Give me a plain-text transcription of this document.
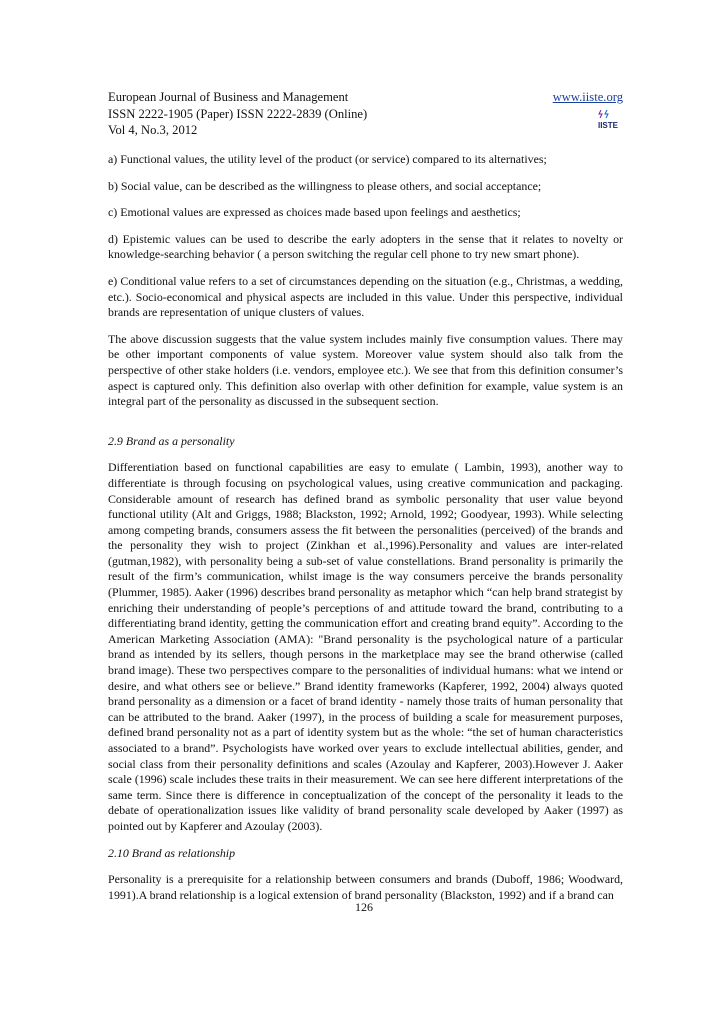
European Journal of Business and Management
ISSN 2222-1905 (Paper) ISSN 2222-2839 (Online)
Vol 4, No.3, 2012
www.iiste.org
IISTE

a) Functional values, the utility level of the product (or service) compared to its alternatives;

b) Social value, can be described as the willingness to please others, and social acceptance;

c) Emotional values are expressed as choices made based upon feelings and aesthetics;

d) Epistemic values can be used to describe the early adopters in the sense that it relates to novelty or knowledge-searching behavior ( a person switching the regular cell phone to try new smart phone).

e) Conditional value refers to a set of circumstances depending on the situation (e.g., Christmas, a wedding, etc.). Socio-economical and physical aspects are included in this value. Under this perspective, individual brands are representation of unique clusters of values.

The above discussion suggests that the value system includes mainly five consumption values. There may be other important components of value system. Moreover value system should also talk from the perspective of other stake holders (i.e. vendors, employee etc.). We see that from this definition consumer’s aspect is captured only. This definition also overlap with other definition for example, value system is an integral part of the personality as discussed in the subsequent section.

2.9 Brand as a personality

Differentiation based on functional capabilities are easy to emulate ( Lambin, 1993), another way to differentiate is through focusing on psychological values, using creative communication and packaging. Considerable amount of research has defined brand as symbolic personality that user value beyond functional utility (Alt and Griggs, 1988; Blackston, 1992; Arnold, 1992; Goodyear, 1993). While selecting among competing brands, consumers assess the fit between the personalities (perceived) of the brands and the personality they wish to project (Zinkhan et al.,1996).Personality and values are inter-related (gutman,1982), with personality being a sub-set of value constellations. Brand personality is primarily the result of the firm’s communication, whilst image is the way consumers perceive the brands personality (Plummer, 1985). Aaker (1996) describes brand personality as metaphor which “can help brand strategist by enriching their understanding of people’s perceptions of and attitude toward the brand, contributing to a differentiating brand identity, getting the communication effort and creating brand equity”. According to the American Marketing Association (AMA): "Brand personality is the psychological nature of a particular brand as intended by its sellers, though persons in the marketplace may see the brand otherwise (called brand image). These two perspectives compare to the personalities of individual humans: what we intend or desire, and what others see or believe.” Brand identity frameworks (Kapferer, 1992, 2004) always quoted brand personality as a dimension or a facet of brand identity - namely those traits of human personality that can be attributed to the brand. Aaker (1997), in the process of building a scale for measurement purposes, defined brand personality not as a part of identity system but as the whole: “the set of human characteristics associated to a brand”. Psychologists have worked over years to exclude intellectual abilities, gender, and social class from their personality definitions and scales (Azoulay and Kapferer, 2003).However J. Aaker scale (1996) scale includes these traits in their measurement. We can see here different interpretations of the same term. Since there is difference in conceptualization of the concept of the personality it leads to the debate of operationalization issues like validity of brand personality scale developed by Aaker (1997) as pointed out by Kapferer and Azoulay (2003).

2.10 Brand as relationship

Personality is a prerequisite for a relationship between consumers and brands (Duboff, 1986; Woodward, 1991).A brand relationship is a logical extension of brand personality (Blackston, 1992) and if a brand can

126
